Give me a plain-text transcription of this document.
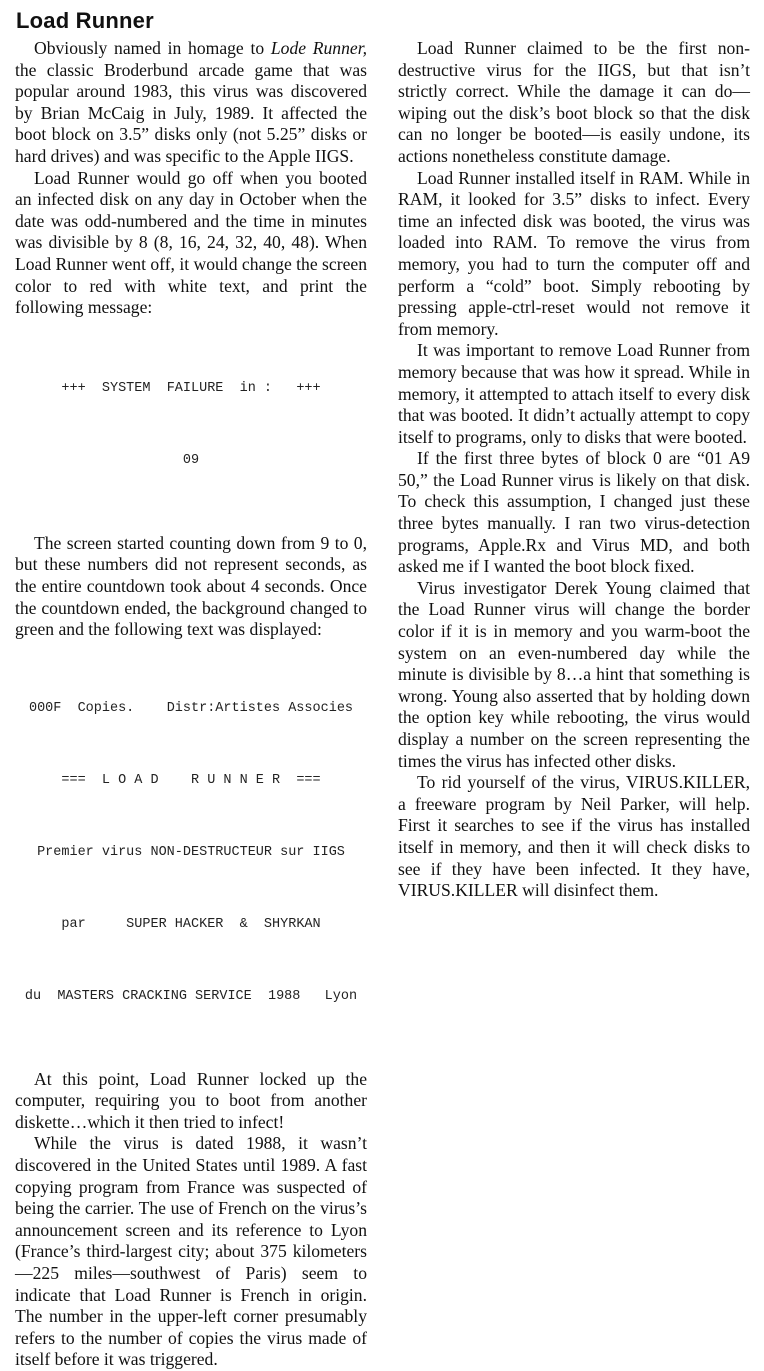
Load Runner

Obviously named in homage to Lode Runner, the classic Broderbund arcade game that was popular around 1983, this virus was discovered by Brian McCaig in July, 1989. It affected the boot block on 3.5” disks only (not 5.25” disks or hard drives) and was specific to the Apple IIGS.

Load Runner would go off when you booted an infected disk on any day in October when the date was odd-numbered and the time in minutes was divisible by 8 (8, 16, 24, 32, 40, 48). When Load Runner went off, it would change the screen color to red with white text, and print the following message:

+++  SYSTEM  FAILURE  in :   +++

09

The screen started counting down from 9 to 0, but these numbers did not represent seconds, as the entire countdown took about 4 seconds. Once the countdown ended, the background changed to green and the following text was displayed:

000F  Copies.    Distr:Artistes Associes

===  L O A D    R U N N E R  ===

Premier virus NON-DESTRUCTEUR sur IIGS

par     SUPER HACKER  &  SHYRKAN

du  MASTERS CRACKING SERVICE  1988   Lyon

At this point, Load Runner locked up the computer, requiring you to boot from another diskette…which it then tried to infect!

While the virus is dated 1988, it wasn’t discovered in the United States until 1989. A fast copying program from France was suspected of being the carrier. The use of French on the virus’s announcement screen and its reference to Lyon (France’s third-largest city; about 375 kilometers—225 miles—southwest of Paris) seem to indicate that Load Runner is French in origin. The number in the upper-left corner presumably refers to the number of copies the virus made of itself before it was triggered.

Load Runner claimed to be the first non-destructive virus for the IIGS, but that isn’t strictly correct. While the damage it can do—wiping out the disk’s boot block so that the disk can no longer be booted—is easily undone, its actions nonetheless constitute damage.

Load Runner installed itself in RAM. While in RAM, it looked for 3.5” disks to infect. Every time an infected disk was booted, the virus was loaded into RAM. To remove the virus from memory, you had to turn the computer off and perform a “cold” boot. Simply rebooting by pressing apple-ctrl-reset would not remove it from memory.

It was important to remove Load Runner from memory because that was how it spread. While in memory, it attempted to attach itself to every disk that was booted. It didn’t actually attempt to copy itself to programs, only to disks that were booted.

If the first three bytes of block 0 are “01 A9 50,” the Load Runner virus is likely on that disk. To check this assumption, I changed just these three bytes manually. I ran two virus-detection programs, Apple.Rx and Virus MD, and both asked me if I wanted the boot block fixed.

Virus investigator Derek Young claimed that the Load Runner virus will change the border color if it is in memory and you warm-boot the system on an even-numbered day while the minute is divisible by 8…a hint that something is wrong. Young also asserted that by holding down the option key while rebooting, the virus would display a number on the screen representing the times the virus has infected other disks.

To rid yourself of the virus, VIRUS.KILLER, a freeware program by Neil Parker, will help. First it searches to see if the virus has installed itself in memory, and then it will check disks to see if they have been infected. It they have, VIRUS.KILLER will disinfect them.
